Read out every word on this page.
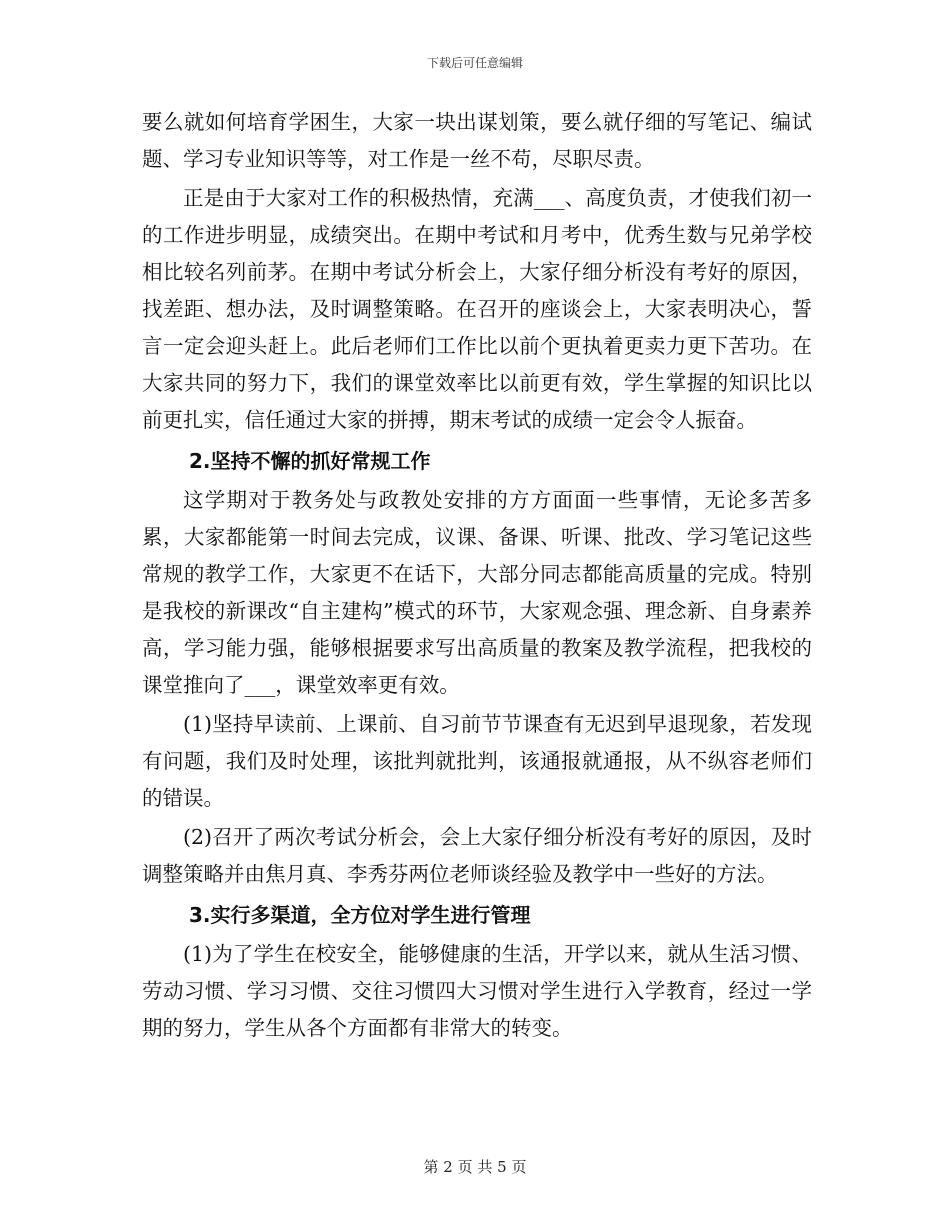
下载后可任意编辑

要么就如何培育学困生，大家一块出谋划策，要么就仔细的写笔记、编试题、学习专业知识等等，对工作是一丝不苟，尽职尽责。

正是由于大家对工作的积极热情，充满___、高度负责，才使我们初一的工作进步明显，成绩突出。在期中考试和月考中，优秀生数与兄弟学校相比较名列前茅。在期中考试分析会上，大家仔细分析没有考好的原因，找差距、想办法，及时调整策略。在召开的座谈会上，大家表明决心，誓言一定会迎头赶上。此后老师们工作比以前个更执着更卖力更下苦功。在大家共同的努力下，我们的课堂效率比以前更有效，学生掌握的知识比以前更扎实，信任通过大家的拼搏，期末考试的成绩一定会令人振奋。

2.坚持不懈的抓好常规工作

这学期对于教务处与政教处安排的方方面面一些事情，无论多苦多累，大家都能第一时间去完成，议课、备课、听课、批改、学习笔记这些常规的教学工作，大家更不在话下，大部分同志都能高质量的完成。特别是我校的新课改“自主建构”模式的环节，大家观念强、理念新、自身素养高，学习能力强，能够根据要求写出高质量的教案及教学流程，把我校的课堂推向了___，课堂效率更有效。

(1)坚持早读前、上课前、自习前节节课查有无迟到早退现象，若发现有问题，我们及时处理，该批判就批判，该通报就通报，从不纵容老师们的错误。

(2)召开了两次考试分析会，会上大家仔细分析没有考好的原因，及时调整策略并由焦月真、李秀芬两位老师谈经验及教学中一些好的方法。

3.实行多渠道，全方位对学生进行管理

(1)为了学生在校安全，能够健康的生活，开学以来，就从生活习惯、劳动习惯、学习习惯、交往习惯四大习惯对学生进行入学教育，经过一学期的努力，学生从各个方面都有非常大的转变。

第 2 页 共 5 页
